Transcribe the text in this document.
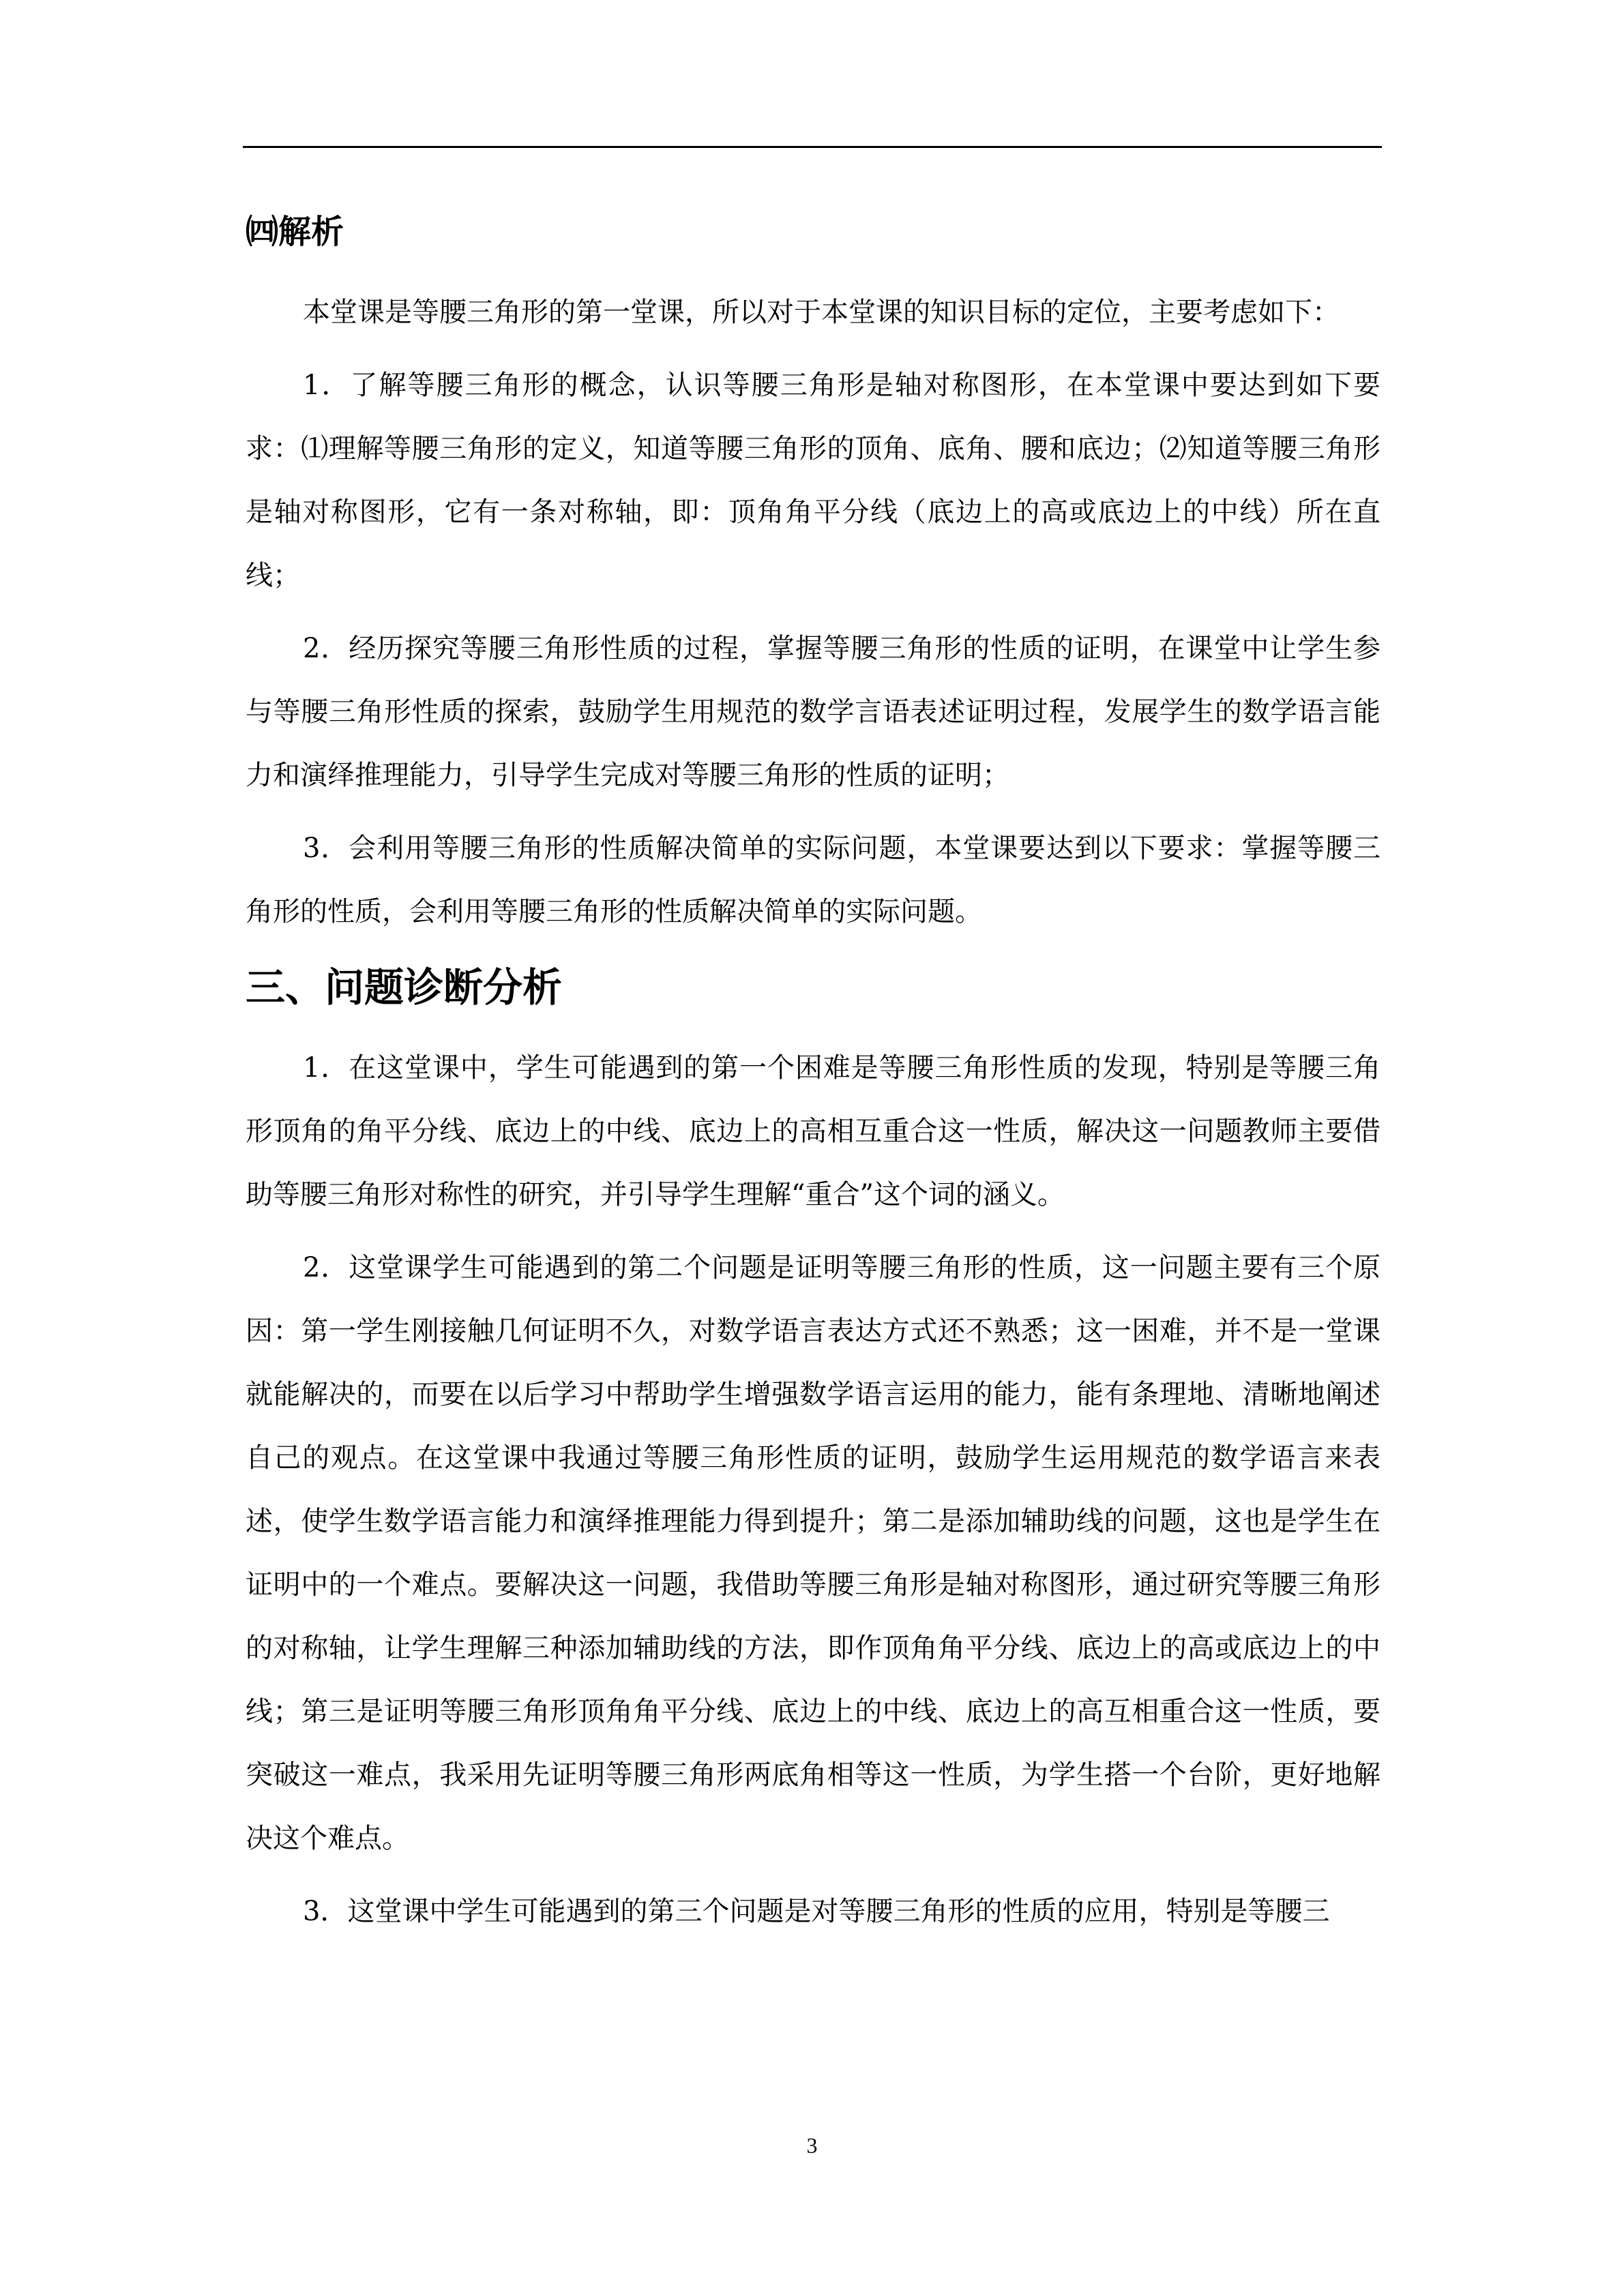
㈣解析

本堂课是等腰三角形的第一堂课，所以对于本堂课的知识目标的定位，主要考虑如下：

1．了解等腰三角形的概念，认识等腰三角形是轴对称图形，在本堂课中要达到如下要求：⑴理解等腰三角形的定义，知道等腰三角形的顶角、底角、腰和底边；⑵知道等腰三角形是轴对称图形，它有一条对称轴，即：顶角角平分线（底边上的高或底边上的中线）所在直线；

2．经历探究等腰三角形性质的过程，掌握等腰三角形的性质的证明，在课堂中让学生参与等腰三角形性质的探索，鼓励学生用规范的数学言语表述证明过程，发展学生的数学语言能力和演绎推理能力，引导学生完成对等腰三角形的性质的证明；

3．会利用等腰三角形的性质解决简单的实际问题，本堂课要达到以下要求：掌握等腰三角形的性质，会利用等腰三角形的性质解决简单的实际问题。

三、问题诊断分析

1．在这堂课中，学生可能遇到的第一个困难是等腰三角形性质的发现，特别是等腰三角形顶角的角平分线、底边上的中线、底边上的高相互重合这一性质，解决这一问题教师主要借助等腰三角形对称性的研究，并引导学生理解“重合”这个词的涵义。

2．这堂课学生可能遇到的第二个问题是证明等腰三角形的性质，这一问题主要有三个原因：第一学生刚接触几何证明不久，对数学语言表达方式还不熟悉；这一困难，并不是一堂课就能解决的，而要在以后学习中帮助学生增强数学语言运用的能力，能有条理地、清晰地阐述自己的观点。在这堂课中我通过等腰三角形性质的证明，鼓励学生运用规范的数学语言来表述，使学生数学语言能力和演绎推理能力得到提升；第二是添加辅助线的问题，这也是学生在证明中的一个难点。要解决这一问题，我借助等腰三角形是轴对称图形，通过研究等腰三角形的对称轴，让学生理解三种添加辅助线的方法，即作顶角角平分线、底边上的高或底边上的中线；第三是证明等腰三角形顶角角平分线、底边上的中线、底边上的高互相重合这一性质，要突破这一难点，我采用先证明等腰三角形两底角相等这一性质，为学生搭一个台阶，更好地解决这个难点。

3．这堂课中学生可能遇到的第三个问题是对等腰三角形的性质的应用，特别是等腰三

3
